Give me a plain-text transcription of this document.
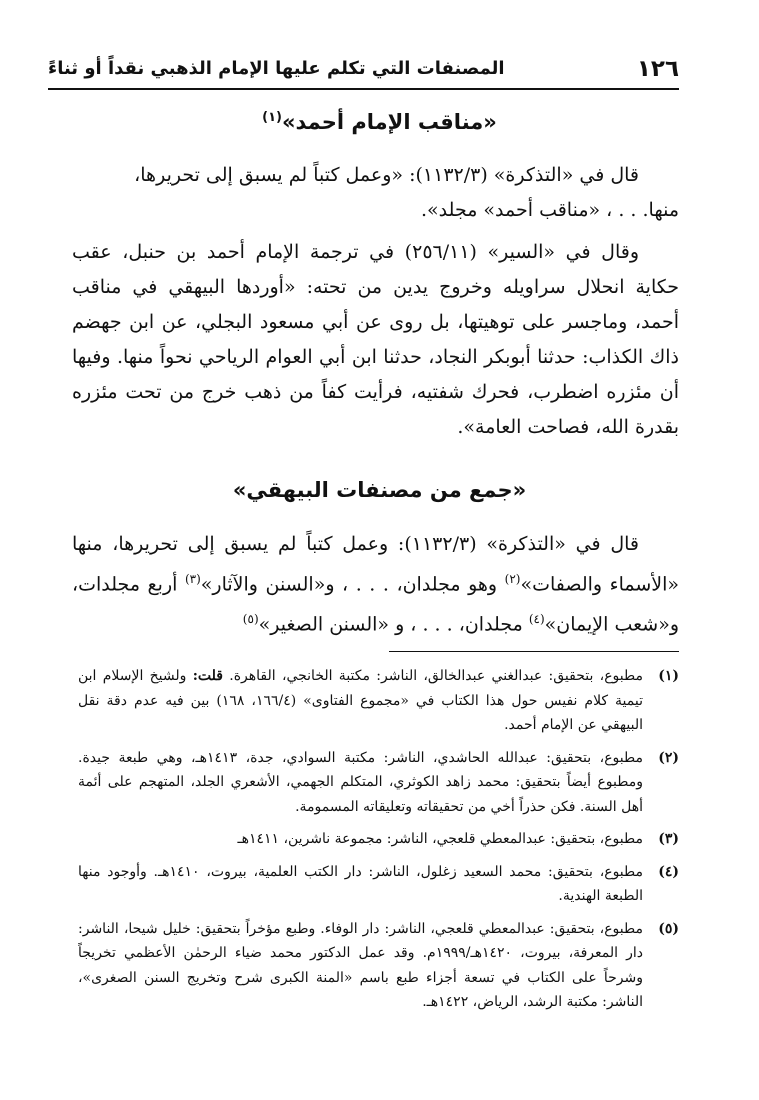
١٢٦
المصنفات التي تكلم عليها الإمام الذهبي نقداً أو ثناءً
«مناقب الإمام أحمد»$^{(١)}$

قال في «التذكرة» (١١٣٢/٣): «وعمل كتباً لم يسبق إلى تحريرها،

منها. . . ، «مناقب أحمد» مجلد».

وقال في «السير» (٢٥٦/١١) في ترجمة الإمام أحمد بن حنبل، عقب حكاية انحلال سراويله وخروج يدين من تحته: «أوردها البيهقي في مناقب أحمد، وماجسر على توهيتها، بل روى عن أبي مسعود البجلي، عن ابن جهضم ذاك الكذاب: حدثنا أبوبكر النجاد، حدثنا ابن أبي العوام الرياحي نحواً منها. وفيها أن مئزره اضطرب، فحرك شفتيه، فرأيت كفاً من ذهب خرج من تحت مئزره بقدرة الله، فصاحت العامة».

«جمع من مصنفات البيهقي»

قال في «التذكرة» (١١٣٢/٣): وعمل كتباً لم يسبق إلى تحريرها، منها «الأسماء والصفات»$^{(٢)}$ وهو مجلدان، . . . ، و«السنن والآثار»$^{(٣)}$ أربع مجلدات، و«شعب الإيمان»$^{(٤)}$ مجلدان، . . . ، و «السنن الصغير»$^{(٥)}$

(١)
مطبوع، بتحقيق: عبدالغني عبدالخالق، الناشر: مكتبة الخانجي، القاهرة. قلت: ولشيخ الإسلام ابن تيمية كلام نفيس حول هذا الكتاب في «مجموع الفتاوى» (١٦٦/٤، ١٦٨) بين فيه عدم دقة نقل البيهقي عن الإمام أحمد.
(٢)
مطبوع، بتحقيق: عبدالله الحاشدي، الناشر: مكتبة السوادي، جدة، ١٤١٣هـ، وهي طبعة جيدة. ومطبوع أيضاً بتحقيق: محمد زاهد الكوثري، المتكلم الجهمي، الأشعري الجلد، المتهجم على أئمة أهل السنة. فكن حذراً أخي من تحقيقاته وتعليقاته المسمومة.
(٣)
مطبوع، بتحقيق: عبدالمعطي قلعجي، الناشر: مجموعة ناشرين، ١٤١١هـ
(٤)
مطبوع، بتحقيق: محمد السعيد زغلول، الناشر: دار الكتب العلمية، بيروت، ١٤١٠هـ. وأوجود منها الطبعة الهندية.
(٥)
مطبوع، بتحقيق: عبدالمعطي قلعجي، الناشر: دار الوفاء. وطبع مؤخراً بتحقيق: خليل شيحا، الناشر: دار المعرفة، بيروت، ١٤٢٠هـ/١٩٩٩م. وقد عمل الدكتور محمد ضياء الرحمٰن الأعظمي تخريجاً وشرحاً على الكتاب في تسعة أجزاء طبع باسم «المنة الكبرى شرح وتخريج السنن الصغرى»، الناشر: مكتبة الرشد، الرياض، ١٤٢٢هـ.
